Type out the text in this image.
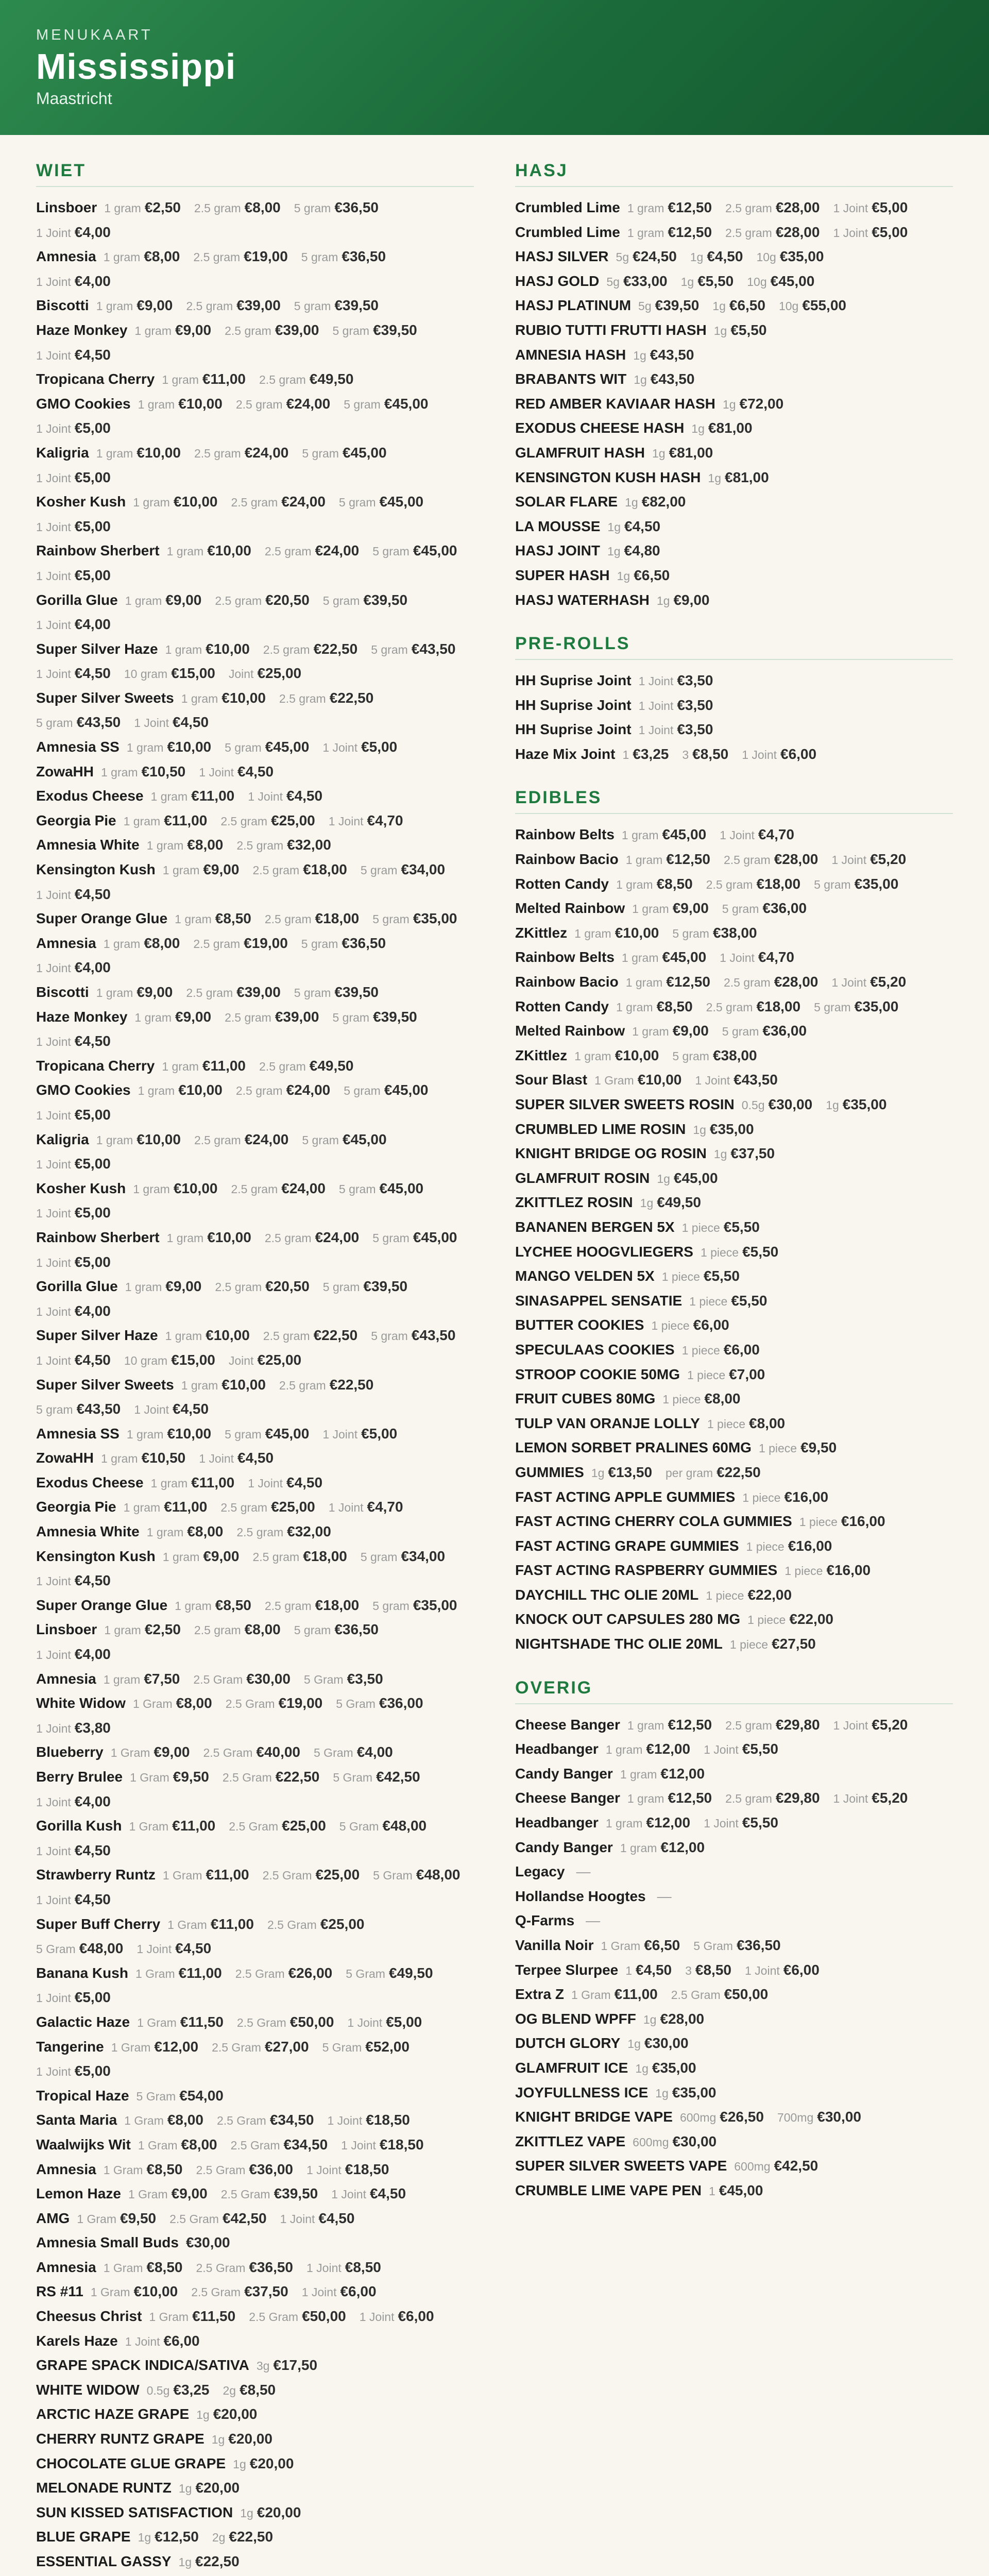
MENUKAART
Mississippi
Maastricht
WIET
Linsboer 1 gram €2,50 2.5 gram €8,00 5 gram €36,501 Joint €4,00
Amnesia 1 gram €8,00 2.5 gram €19,00 5 gram €36,501 Joint €4,00
Biscotti 1 gram €9,00 2.5 gram €39,00 5 gram €39,50
Haze Monkey 1 gram €9,00 2.5 gram €39,00 5 gram €39,501 Joint €4,50
Tropicana Cherry 1 gram €11,00 2.5 gram €49,50
GMO Cookies 1 gram €10,00 2.5 gram €24,00 5 gram €45,001 Joint €5,00
Kaligria 1 gram €10,00 2.5 gram €24,00 5 gram €45,001 Joint €5,00
Kosher Kush 1 gram €10,00 2.5 gram €24,00 5 gram €45,001 Joint €5,00
Rainbow Sherbert 1 gram €10,00 2.5 gram €24,00 5 gram €45,001 Joint €5,00
Gorilla Glue 1 gram €9,00 2.5 gram €20,50 5 gram €39,501 Joint €4,00
Super Silver Haze 1 gram €10,00 2.5 gram €22,50 5 gram €43,501 Joint €4,50 10 gram €15,00 Joint €25,00
Super Silver Sweets 1 gram €10,00 2.5 gram €22,505 gram €43,50 1 Joint €4,50
Amnesia SS 1 gram €10,00 5 gram €45,00 1 Joint €5,00
ZowaHH 1 gram €10,50 1 Joint €4,50
Exodus Cheese 1 gram €11,00 1 Joint €4,50
Georgia Pie 1 gram €11,00 2.5 gram €25,00 1 Joint €4,70
Amnesia White 1 gram €8,00 2.5 gram €32,00
Kensington Kush 1 gram €9,00 2.5 gram €18,00 5 gram €34,001 Joint €4,50
Super Orange Glue 1 gram €8,50 2.5 gram €18,00 5 gram €35,00
Amnesia 1 gram €8,00 2.5 gram €19,00 5 gram €36,501 Joint €4,00
Biscotti 1 gram €9,00 2.5 gram €39,00 5 gram €39,50
Haze Monkey 1 gram €9,00 2.5 gram €39,00 5 gram €39,501 Joint €4,50
Tropicana Cherry 1 gram €11,00 2.5 gram €49,50
GMO Cookies 1 gram €10,00 2.5 gram €24,00 5 gram €45,001 Joint €5,00
Kaligria 1 gram €10,00 2.5 gram €24,00 5 gram €45,001 Joint €5,00
Kosher Kush 1 gram €10,00 2.5 gram €24,00 5 gram €45,001 Joint €5,00
Rainbow Sherbert 1 gram €10,00 2.5 gram €24,00 5 gram €45,001 Joint €5,00
Gorilla Glue 1 gram €9,00 2.5 gram €20,50 5 gram €39,501 Joint €4,00
Super Silver Haze 1 gram €10,00 2.5 gram €22,50 5 gram €43,501 Joint €4,50 10 gram €15,00 Joint €25,00
Super Silver Sweets 1 gram €10,00 2.5 gram €22,505 gram €43,50 1 Joint €4,50
Amnesia SS 1 gram €10,00 5 gram €45,00 1 Joint €5,00
ZowaHH 1 gram €10,50 1 Joint €4,50
Exodus Cheese 1 gram €11,00 1 Joint €4,50
Georgia Pie 1 gram €11,00 2.5 gram €25,00 1 Joint €4,70
Amnesia White 1 gram €8,00 2.5 gram €32,00
Kensington Kush 1 gram €9,00 2.5 gram €18,00 5 gram €34,001 Joint €4,50
Super Orange Glue 1 gram €8,50 2.5 gram €18,00 5 gram €35,00
Linsboer 1 gram €2,50 2.5 gram €8,00 5 gram €36,501 Joint €4,00
Amnesia 1 gram €7,50 2.5 Gram €30,00 5 Gram €3,50
White Widow 1 Gram €8,00 2.5 Gram €19,00 5 Gram €36,001 Joint €3,80
Blueberry 1 Gram €9,00 2.5 Gram €40,00 5 Gram €4,00
Berry Brulee 1 Gram €9,50 2.5 Gram €22,50 5 Gram €42,501 Joint €4,00
Gorilla Kush 1 Gram €11,00 2.5 Gram €25,00 5 Gram €48,001 Joint €4,50
Strawberry Runtz 1 Gram €11,00 2.5 Gram €25,00 5 Gram €48,001 Joint €4,50
Super Buff Cherry 1 Gram €11,00 2.5 Gram €25,005 Gram €48,00 1 Joint €4,50
Banana Kush 1 Gram €11,00 2.5 Gram €26,00 5 Gram €49,501 Joint €5,00
Galactic Haze 1 Gram €11,50 2.5 Gram €50,00 1 Joint €5,00
Tangerine 1 Gram €12,00 2.5 Gram €27,00 5 Gram €52,001 Joint €5,00
Tropical Haze 5 Gram €54,00
Santa Maria 1 Gram €8,00 2.5 Gram €34,50 1 Joint €18,50
Waalwijks Wit 1 Gram €8,00 2.5 Gram €34,50 1 Joint €18,50
Amnesia 1 Gram €8,50 2.5 Gram €36,00 1 Joint €18,50
Lemon Haze 1 Gram €9,00 2.5 Gram €39,50 1 Joint €4,50
AMG 1 Gram €9,50 2.5 Gram €42,50 1 Joint €4,50
Amnesia Small Buds €30,00
Amnesia 1 Gram €8,50 2.5 Gram €36,50 1 Joint €8,50
RS #11 1 Gram €10,00 2.5 Gram €37,50 1 Joint €6,00
Cheesus Christ 1 Gram €11,50 2.5 Gram €50,00 1 Joint €6,00
Karels Haze 1 Joint €6,00
GRAPE SPACK INDICA/SATIVA 3g €17,50
WHITE WIDOW 0.5g €3,25 2g €8,50
ARCTIC HAZE GRAPE 1g €20,00
CHERRY RUNTZ GRAPE 1g €20,00
CHOCOLATE GLUE GRAPE 1g €20,00
MELONADE RUNTZ 1g €20,00
SUN KISSED SATISFACTION 1g €20,00
BLUE GRAPE 1g €12,50 2g €22,50
ESSENTIAL GASSY 1g €22,50
HASJ
Crumbled Lime 1 gram €12,50 2.5 gram €28,00 1 Joint €5,00
Crumbled Lime 1 gram €12,50 2.5 gram €28,00 1 Joint €5,00
HASJ SILVER 5g €24,50 1g €4,50 10g €35,00
HASJ GOLD 5g €33,00 1g €5,50 10g €45,00
HASJ PLATINUM 5g €39,50 1g €6,50 10g €55,00
RUBIO TUTTI FRUTTI HASH 1g €5,50
AMNESIA HASH 1g €43,50
BRABANTS WIT 1g €43,50
RED AMBER KAVIAAR HASH 1g €72,00
EXODUS CHEESE HASH 1g €81,00
GLAMFRUIT HASH 1g €81,00
KENSINGTON KUSH HASH 1g €81,00
SOLAR FLARE 1g €82,00
LA MOUSSE 1g €4,50
HASJ JOINT 1g €4,80
SUPER HASH 1g €6,50
HASJ WATERHASH 1g €9,00
PRE-ROLLS
HH Suprise Joint 1 Joint €3,50
HH Suprise Joint 1 Joint €3,50
HH Suprise Joint 1 Joint €3,50
Haze Mix Joint 1 €3,25 3 €8,50 1 Joint €6,00
EDIBLES
Rainbow Belts 1 gram €45,00 1 Joint €4,70
Rainbow Bacio 1 gram €12,50 2.5 gram €28,00 1 Joint €5,20
Rotten Candy 1 gram €8,50 2.5 gram €18,00 5 gram €35,00
Melted Rainbow 1 gram €9,00 5 gram €36,00
ZKittlez 1 gram €10,00 5 gram €38,00
Rainbow Belts 1 gram €45,00 1 Joint €4,70
Rainbow Bacio 1 gram €12,50 2.5 gram €28,00 1 Joint €5,20
Rotten Candy 1 gram €8,50 2.5 gram €18,00 5 gram €35,00
Melted Rainbow 1 gram €9,00 5 gram €36,00
ZKittlez 1 gram €10,00 5 gram €38,00
Sour Blast 1 Gram €10,00 1 Joint €43,50
SUPER SILVER SWEETS ROSIN 0.5g €30,00 1g €35,00
CRUMBLED LIME ROSIN 1g €35,00
KNIGHT BRIDGE OG ROSIN 1g €37,50
GLAMFRUIT ROSIN 1g €45,00
ZKITTLEZ ROSIN 1g €49,50
BANANEN BERGEN 5X 1 piece €5,50
LYCHEE HOOGVLIEGERS 1 piece €5,50
MANGO VELDEN 5X 1 piece €5,50
SINASAPPEL SENSATIE 1 piece €5,50
BUTTER COOKIES 1 piece €6,00
SPECULAAS COOKIES 1 piece €6,00
STROOP COOKIE 50MG 1 piece €7,00
FRUIT CUBES 80MG 1 piece €8,00
TULP VAN ORANJE LOLLY 1 piece €8,00
LEMON SORBET PRALINES 60MG 1 piece €9,50
GUMMIES 1g €13,50 per gram €22,50
FAST ACTING APPLE GUMMIES 1 piece €16,00
FAST ACTING CHERRY COLA GUMMIES 1 piece €16,00
FAST ACTING GRAPE GUMMIES 1 piece €16,00
FAST ACTING RASPBERRY GUMMIES 1 piece €16,00
DAYCHILL THC OLIE 20ML 1 piece €22,00
KNOCK OUT CAPSULES 280 MG 1 piece €22,00
NIGHTSHADE THC OLIE 20ML 1 piece €27,50
OVERIG
Cheese Banger 1 gram €12,50 2.5 gram €29,80 1 Joint €5,20
Headbanger 1 gram €12,00 1 Joint €5,50
Candy Banger 1 gram €12,00
Cheese Banger 1 gram €12,50 2.5 gram €29,80 1 Joint €5,20
Headbanger 1 gram €12,00 1 Joint €5,50
Candy Banger 1 gram €12,00
Legacy —
Hollandse Hoogtes —
Q-Farms —
Vanilla Noir 1 Gram €6,50 5 Gram €36,50
Terpee Slurpee 1 €4,50 3 €8,50 1 Joint €6,00
Extra Z 1 Gram €11,00 2.5 Gram €50,00
OG BLEND WPFF 1g €28,00
DUTCH GLORY 1g €30,00
GLAMFRUIT ICE 1g €35,00
JOYFULLNESS ICE 1g €35,00
KNIGHT BRIDGE VAPE 600mg €26,50 700mg €30,00
ZKITTLEZ VAPE 600mg €30,00
SUPER SILVER SWEETS VAPE 600mg €42,50
CRUMBLE LIME VAPE PEN 1 €45,00
